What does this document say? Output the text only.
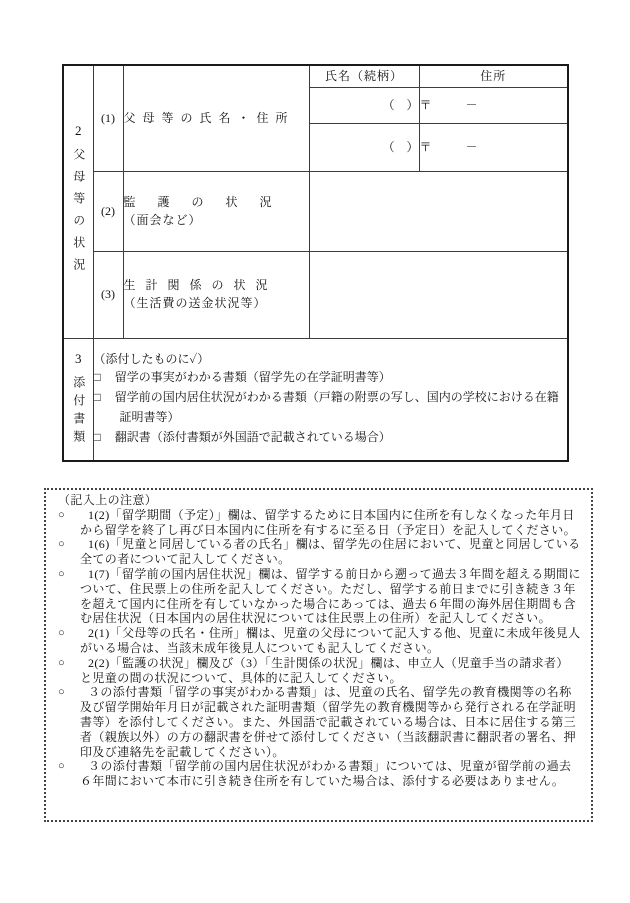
2
父母等の状況	(1)	父母等の氏名・住所	氏名（続柄）	住所
			（　）	〒 －
			（　）	〒 －
	(2)	監護の状況
（面会など）		

	(3)	生計関係の状況
（生活費の送金状況等）		

3
添付書類

（添付したものに✓）
□ 留学の事実がわかる書類（留学先の在学証明書等）
□ 留学前の国内居住状況がわかる書類（戸籍の附票の写し、国内の学校における在籍証明書等）
□ 翻訳書（添付書類が外国語で記載されている場合）
（記入上の注意）
○ 1(2)「留学期間（予定）」欄は、留学するために日本国内に住所を有しなくなった年月日から留学を終了し再び日本国内に住所を有するに至る日（予定日）を記入してください。
○ 1(6)「児童と同居している者の氏名」欄は、留学先の住居において、児童と同居している全ての者について記入してください。
○ 1(7)「留学前の国内居住状況」欄は、留学する前日から遡って過去３年間を超える期間について、住民票上の住所を記入してください。ただし、留学する前日までに引き続き３年を超えて国内に住所を有していなかった場合にあっては、過去６年間の海外居住期間も含む居住状況（日本国内の居住状況については住民票上の住所）を記入してください。
○ 2(1)「父母等の氏名・住所」欄は、児童の父母について記入する他、児童に未成年後見人がいる場合は、当該未成年後見人についても記入してください。
○ 2(2)「監護の状況」欄及び（3）「生計関係の状況」欄は、申立人（児童手当の請求者）と児童の間の状況について、具体的に記入してください。
○ ３の添付書類「留学の事実がわかる書類」は、児童の氏名、留学先の教育機関等の名称及び留学開始年月日が記載された証明書類（留学先の教育機関等から発行される在学証明書等）を添付してください。また、外国語で記載されている場合は、日本に居住する第三者（親族以外）の方の翻訳書を併せて添付してください（当該翻訳書に翻訳者の署名、押印及び連絡先を記載してください）。
○ ３の添付書類「留学前の国内居住状況がわかる書類」については、児童が留学前の過去６年間において本市に引き続き住所を有していた場合は、添付する必要はありません。
